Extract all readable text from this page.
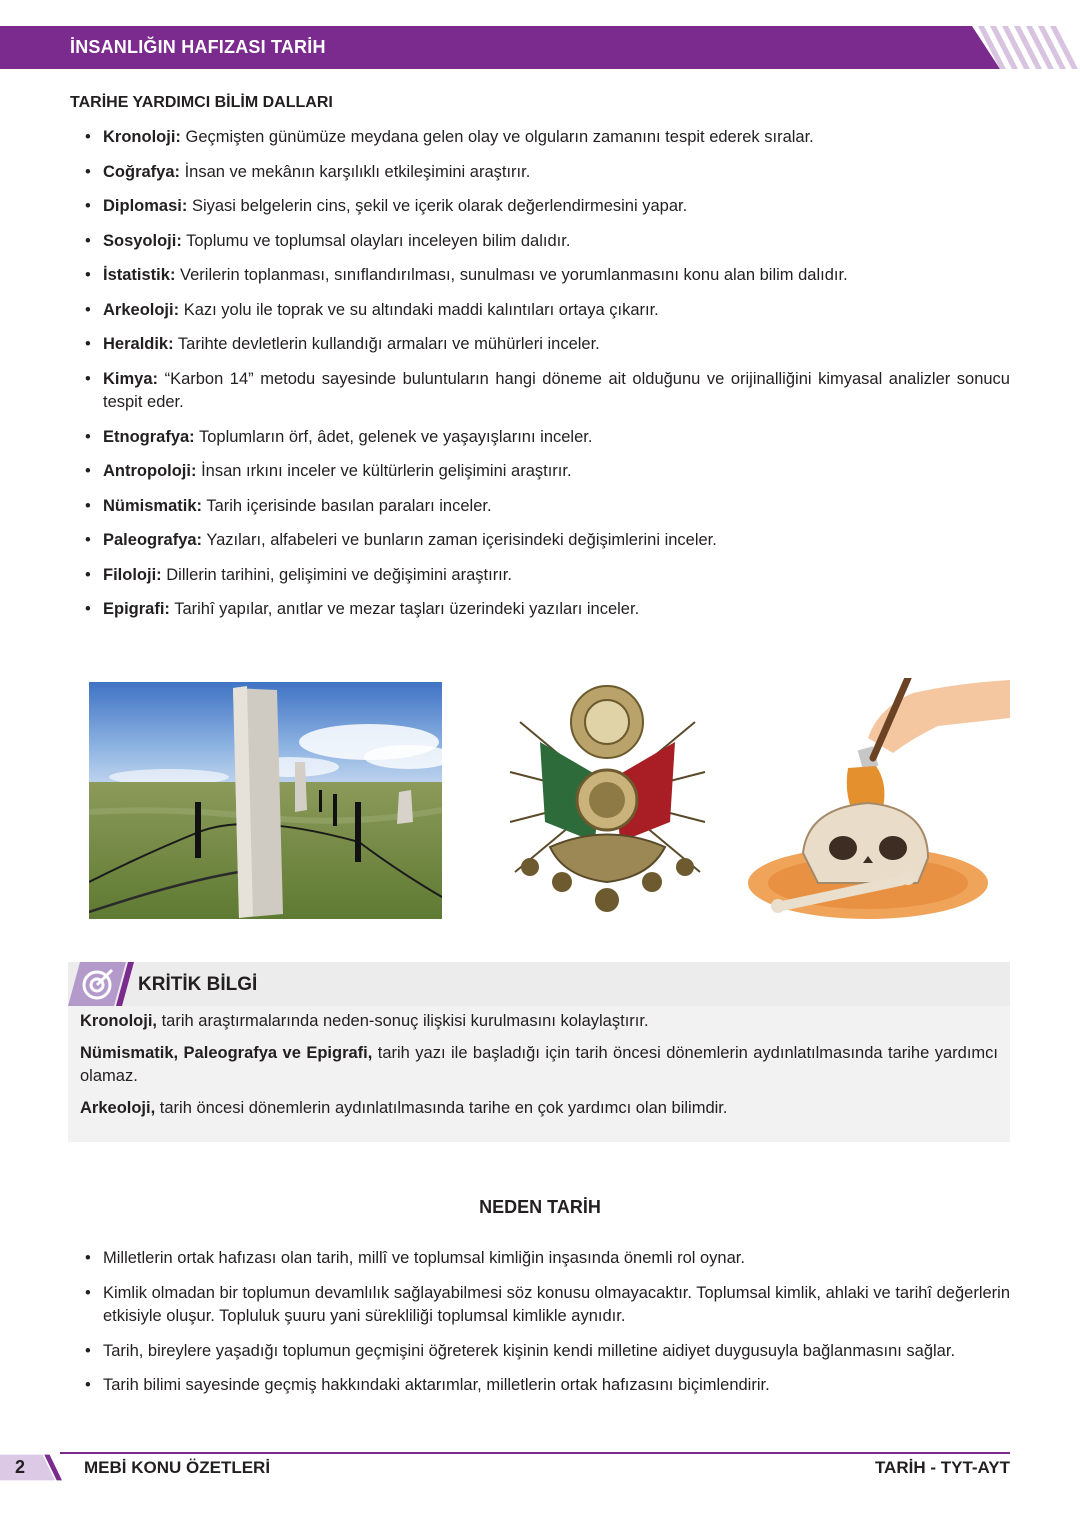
İNSANLIĞIN HAFIZASI TARİH
TARİHE YARDIMCI BİLİM DALLARI
• Kronoloji: Geçmişten günümüze meydana gelen olay ve olguların zamanını tespit ederek sıralar.
• Coğrafya: İnsan ve mekânın karşılıklı etkileşimini araştırır.
• Diplomasi: Siyasi belgelerin cins, şekil ve içerik olarak değerlendirmesini yapar.
• Sosyoloji: Toplumu ve toplumsal olayları inceleyen bilim dalıdır.
• İstatistik: Verilerin toplanması, sınıflandırılması, sunulması ve yorumlanmasını konu alan bilim dalıdır.
• Arkeoloji: Kazı yolu ile toprak ve su altındaki maddi kalıntıları ortaya çıkarır.
• Heraldik: Tarihte devletlerin kullandığı armaları ve mühürleri inceler.
• Kimya: “Karbon 14” metodu sayesinde buluntuların hangi döneme ait olduğunu ve orijinalliğini kimyasal analizler sonucu tespit eder.
• Etnografya: Toplumların örf, âdet, gelenek ve yaşayışlarını inceler.
• Antropoloji: İnsan ırkını inceler ve kültürlerin gelişimini araştırır.
• Nümismatik: Tarih içerisinde basılan paraları inceler.
• Paleografya: Yazıları, alfabeleri ve bunların zaman içerisindeki değişimlerini inceler.
• Filoloji: Dillerin tarihini, gelişimini ve değişimini araştırır.
• Epigrafi: Tarihî yapılar, anıtlar ve mezar taşları üzerindeki yazıları inceler.
KRİTİK BİLGİ

Kronoloji, tarih araştırmalarında neden-sonuç ilişkisi kurulmasını kolaylaştırır.

Nümismatik, Paleografya ve Epigrafi, tarih yazı ile başladığı için tarih öncesi dönemlerin aydınlatılmasında tarihe yardımcı olamaz.

Arkeoloji, tarih öncesi dönemlerin aydınlatılmasında tarihe en çok yardımcı olan bilimdir.

NEDEN TARİH
• Milletlerin ortak hafızası olan tarih, millî ve toplumsal kimliğin inşasında önemli rol oynar.
• Kimlik olmadan bir toplumun devamlılık sağlayabilmesi söz konusu olmayacaktır. Toplumsal kimlik, ahlaki ve tarihî değerlerin etkisiyle oluşur. Topluluk şuuru yani sürekliliği toplumsal kimlikle aynıdır.
• Tarih, bireylere yaşadığı toplumun geçmişini öğreterek kişinin kendi milletine aidiyet duygusuyla bağlanmasını sağlar.
• Tarih bilimi sayesinde geçmiş hakkındaki aktarımlar, milletlerin ortak hafızasını biçimlendirir.
2	MEBİ KONU ÖZETLERİ	TARİH - TYT-AYT
